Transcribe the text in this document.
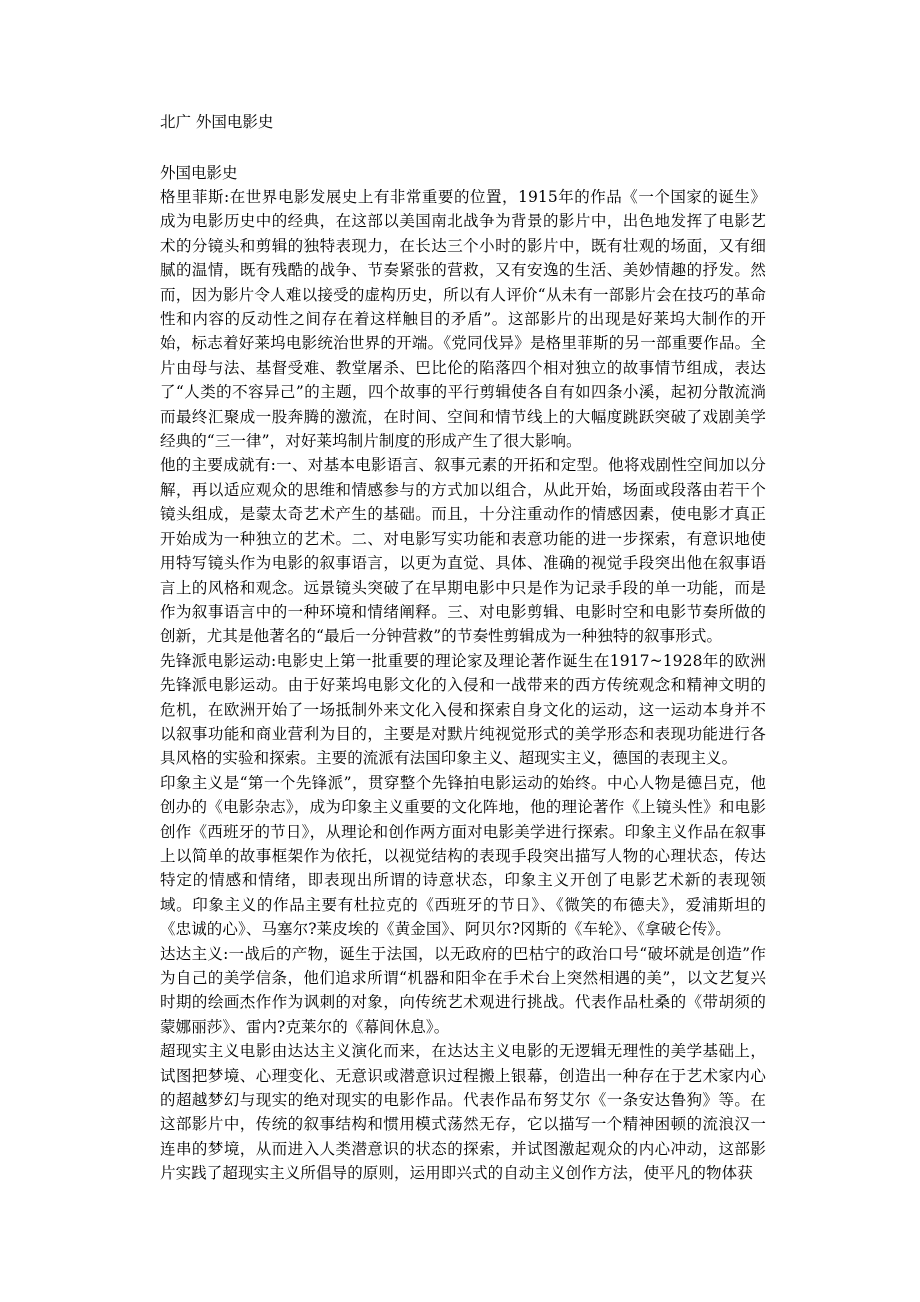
北广 外国电影史
外国电影史

格里菲斯:在世界电影发展史上有非常重要的位置，1915年的作品《一个国家的诞生》成为电影历史中的经典，在这部以美国南北战争为背景的影片中，出色地发挥了电影艺术的分镜头和剪辑的独特表现力，在长达三个小时的影片中，既有壮观的场面，又有细腻的温情，既有残酷的战争、节奏紧张的营救，又有安逸的生活、美妙情趣的抒发。然而，因为影片令人难以接受的虚构历史，所以有人评价“从未有一部影片会在技巧的革命性和内容的反动性之间存在着这样触目的矛盾”。这部影片的出现是好莱坞大制作的开始，标志着好莱坞电影统治世界的开端。《党同伐异》是格里菲斯的另一部重要作品。全片由母与法、基督受难、教堂屠杀、巴比伦的陷落四个相对独立的故事情节组成，表达了“人类的不容异己”的主题，四个故事的平行剪辑使各自有如四条小溪，起初分散流淌而最终汇聚成一股奔腾的激流，在时间、空间和情节线上的大幅度跳跃突破了戏剧美学经典的“三一律”，对好莱坞制片制度的形成产生了很大影响。

他的主要成就有:一、对基本电影语言、叙事元素的开拓和定型。他将戏剧性空间加以分解，再以适应观众的思维和情感参与的方式加以组合，从此开始，场面或段落由若干个镜头组成，是蒙太奇艺术产生的基础。而且，十分注重动作的情感因素，使电影才真正开始成为一种独立的艺术。二、对电影写实功能和表意功能的进一步探索，有意识地使用特写镜头作为电影的叙事语言，以更为直觉、具体、准确的视觉手段突出他在叙事语言上的风格和观念。远景镜头突破了在早期电影中只是作为记录手段的单一功能，而是作为叙事语言中的一种环境和情绪阐释。三、对电影剪辑、电影时空和电影节奏所做的创新，尤其是他著名的“最后一分钟营救”的节奏性剪辑成为一种独特的叙事形式。

先锋派电影运动:电影史上第一批重要的理论家及理论著作诞生在1917~1928年的欧洲先锋派电影运动。由于好莱坞电影文化的入侵和一战带来的西方传统观念和精神文明的危机，在欧洲开始了一场抵制外来文化入侵和探索自身文化的运动，这一运动本身并不以叙事功能和商业营利为目的，主要是对默片纯视觉形式的美学形态和表现功能进行各具风格的实验和探索。主要的流派有法国印象主义、超现实主义，德国的表现主义。

印象主义是“第一个先锋派”，贯穿整个先锋拍电影运动的始终。中心人物是德吕克，他创办的《电影杂志》，成为印象主义重要的文化阵地，他的理论著作《上镜头性》和电影创作《西班牙的节日》，从理论和创作两方面对电影美学进行探索。印象主义作品在叙事上以简单的故事框架作为依托，以视觉结构的表现手段突出描写人物的心理状态，传达特定的情感和情绪，即表现出所谓的诗意状态，印象主义开创了电影艺术新的表现领域。印象主义的作品主要有杜拉克的《西班牙的节日》、《微笑的布德夫》，爱浦斯坦的《忠诚的心》、马塞尔?莱皮埃的《黄金国》、阿贝尔?冈斯的《车轮》、《拿破仑传》。

达达主义:一战后的产物，诞生于法国，以无政府的巴枯宁的政治口号“破坏就是创造”作为自己的美学信条，他们追求所谓“机器和阳伞在手术台上突然相遇的美”，以文艺复兴时期的绘画杰作作为讽刺的对象，向传统艺术观进行挑战。代表作品杜桑的《带胡须的蒙娜丽莎》、雷内?克莱尔的《幕间休息》。

超现实主义电影由达达主义演化而来，在达达主义电影的无逻辑无理性的美学基础上，试图把梦境、心理变化、无意识或潜意识过程搬上银幕，创造出一种存在于艺术家内心的超越梦幻与现实的绝对现实的电影作品。代表作品布努艾尔《一条安达鲁狗》等。在这部影片中，传统的叙事结构和惯用模式荡然无存，它以描写一个精神困顿的流浪汉一连串的梦境，从而进入人类潜意识的状态的探索，并试图激起观众的内心冲动，这部影片实践了超现实主义所倡导的原则，运用即兴式的自动主义创作方法，使平凡的物体获
